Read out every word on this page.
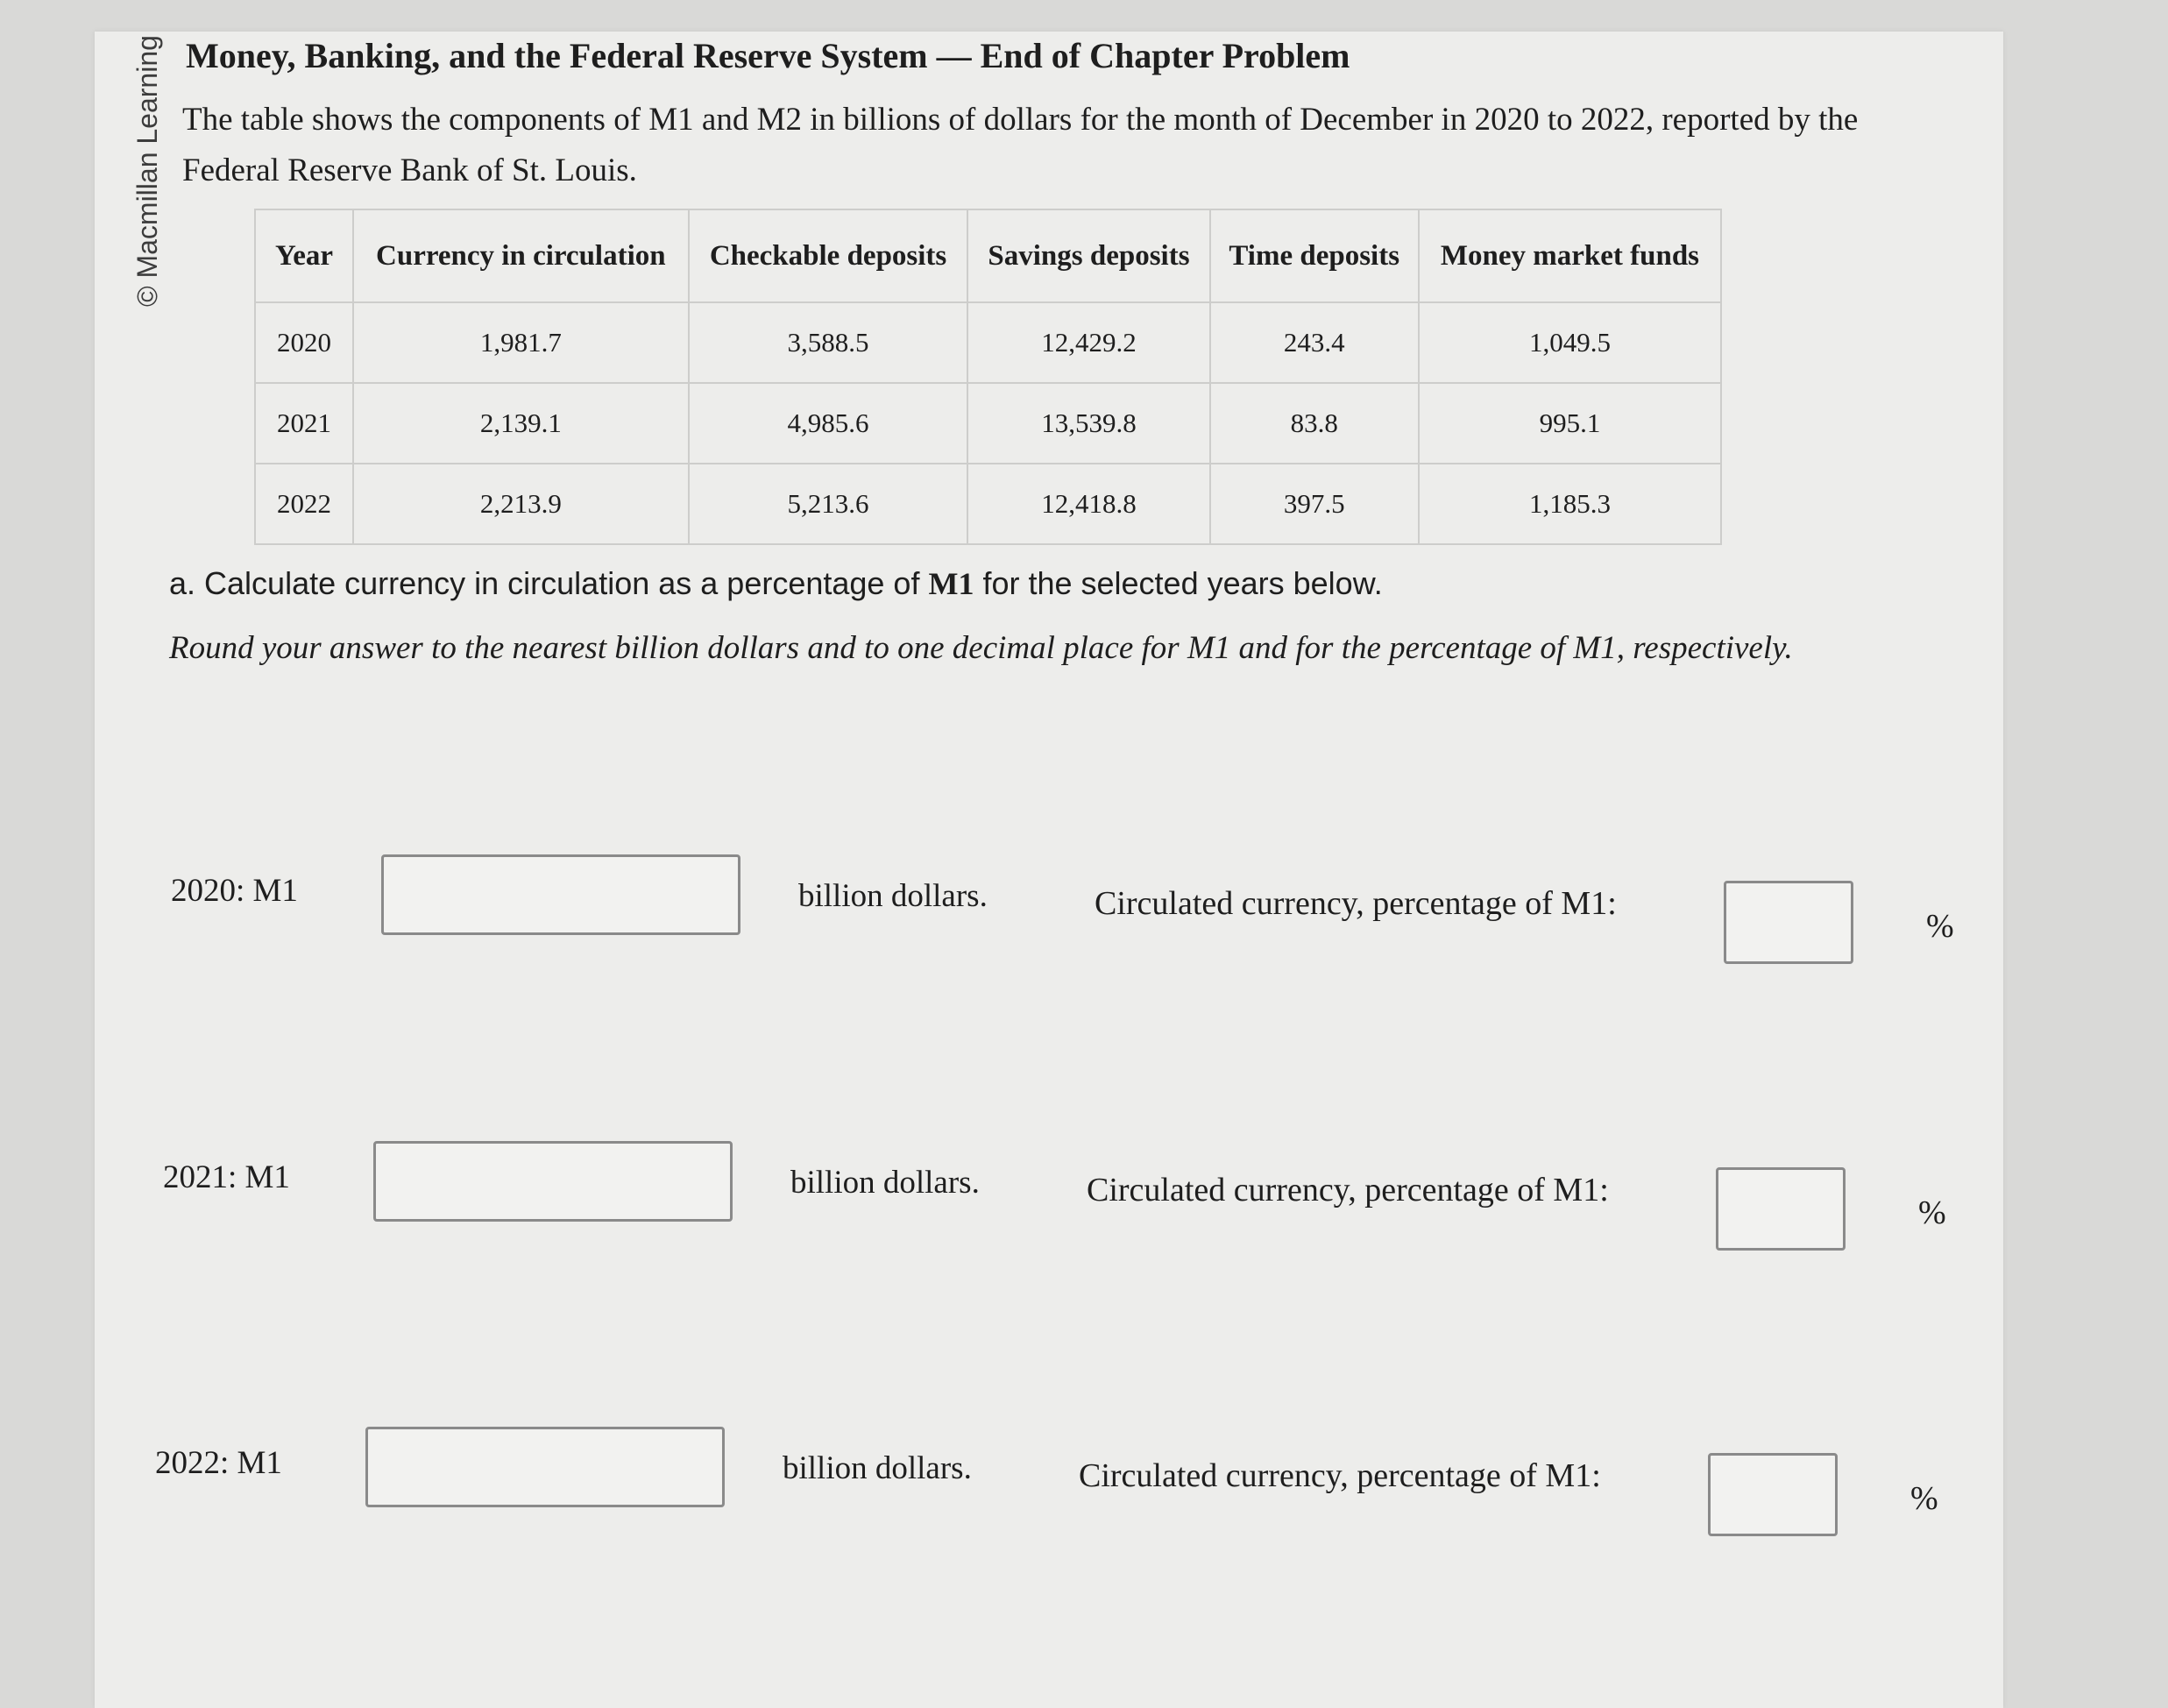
© Macmillan Learning Money, Banking, and the Federal Reserve System — End of Chapter Problem
The table shows the components of M1 and M2 in billions of dollars for the month of December in 2020 to 2022, reported by the Federal Reserve Bank of St. Louis.
Year	Currency in circulation	Checkable deposits	Savings deposits	Time deposits	Money market funds
2020	1,981.7	3,588.5	12,429.2	243.4	1,049.5
2021	2,139.1	4,985.6	13,539.8	83.8	995.1
2022	2,213.9	5,213.6	12,418.8	397.5	1,185.3
a. Calculate currency in circulation as a percentage of M1 for the selected years below.
Round your answer to the nearest billion dollars and to one decimal place for M1 and for the percentage of M1, respectively.
2020: M1	billion dollars.	Circulated currency, percentage of M1:
%
2021: M1	billion dollars.	Circulated currency, percentage of M1:
%
2022: M1	billion dollars.	Circulated currency, percentage of M1:
%
